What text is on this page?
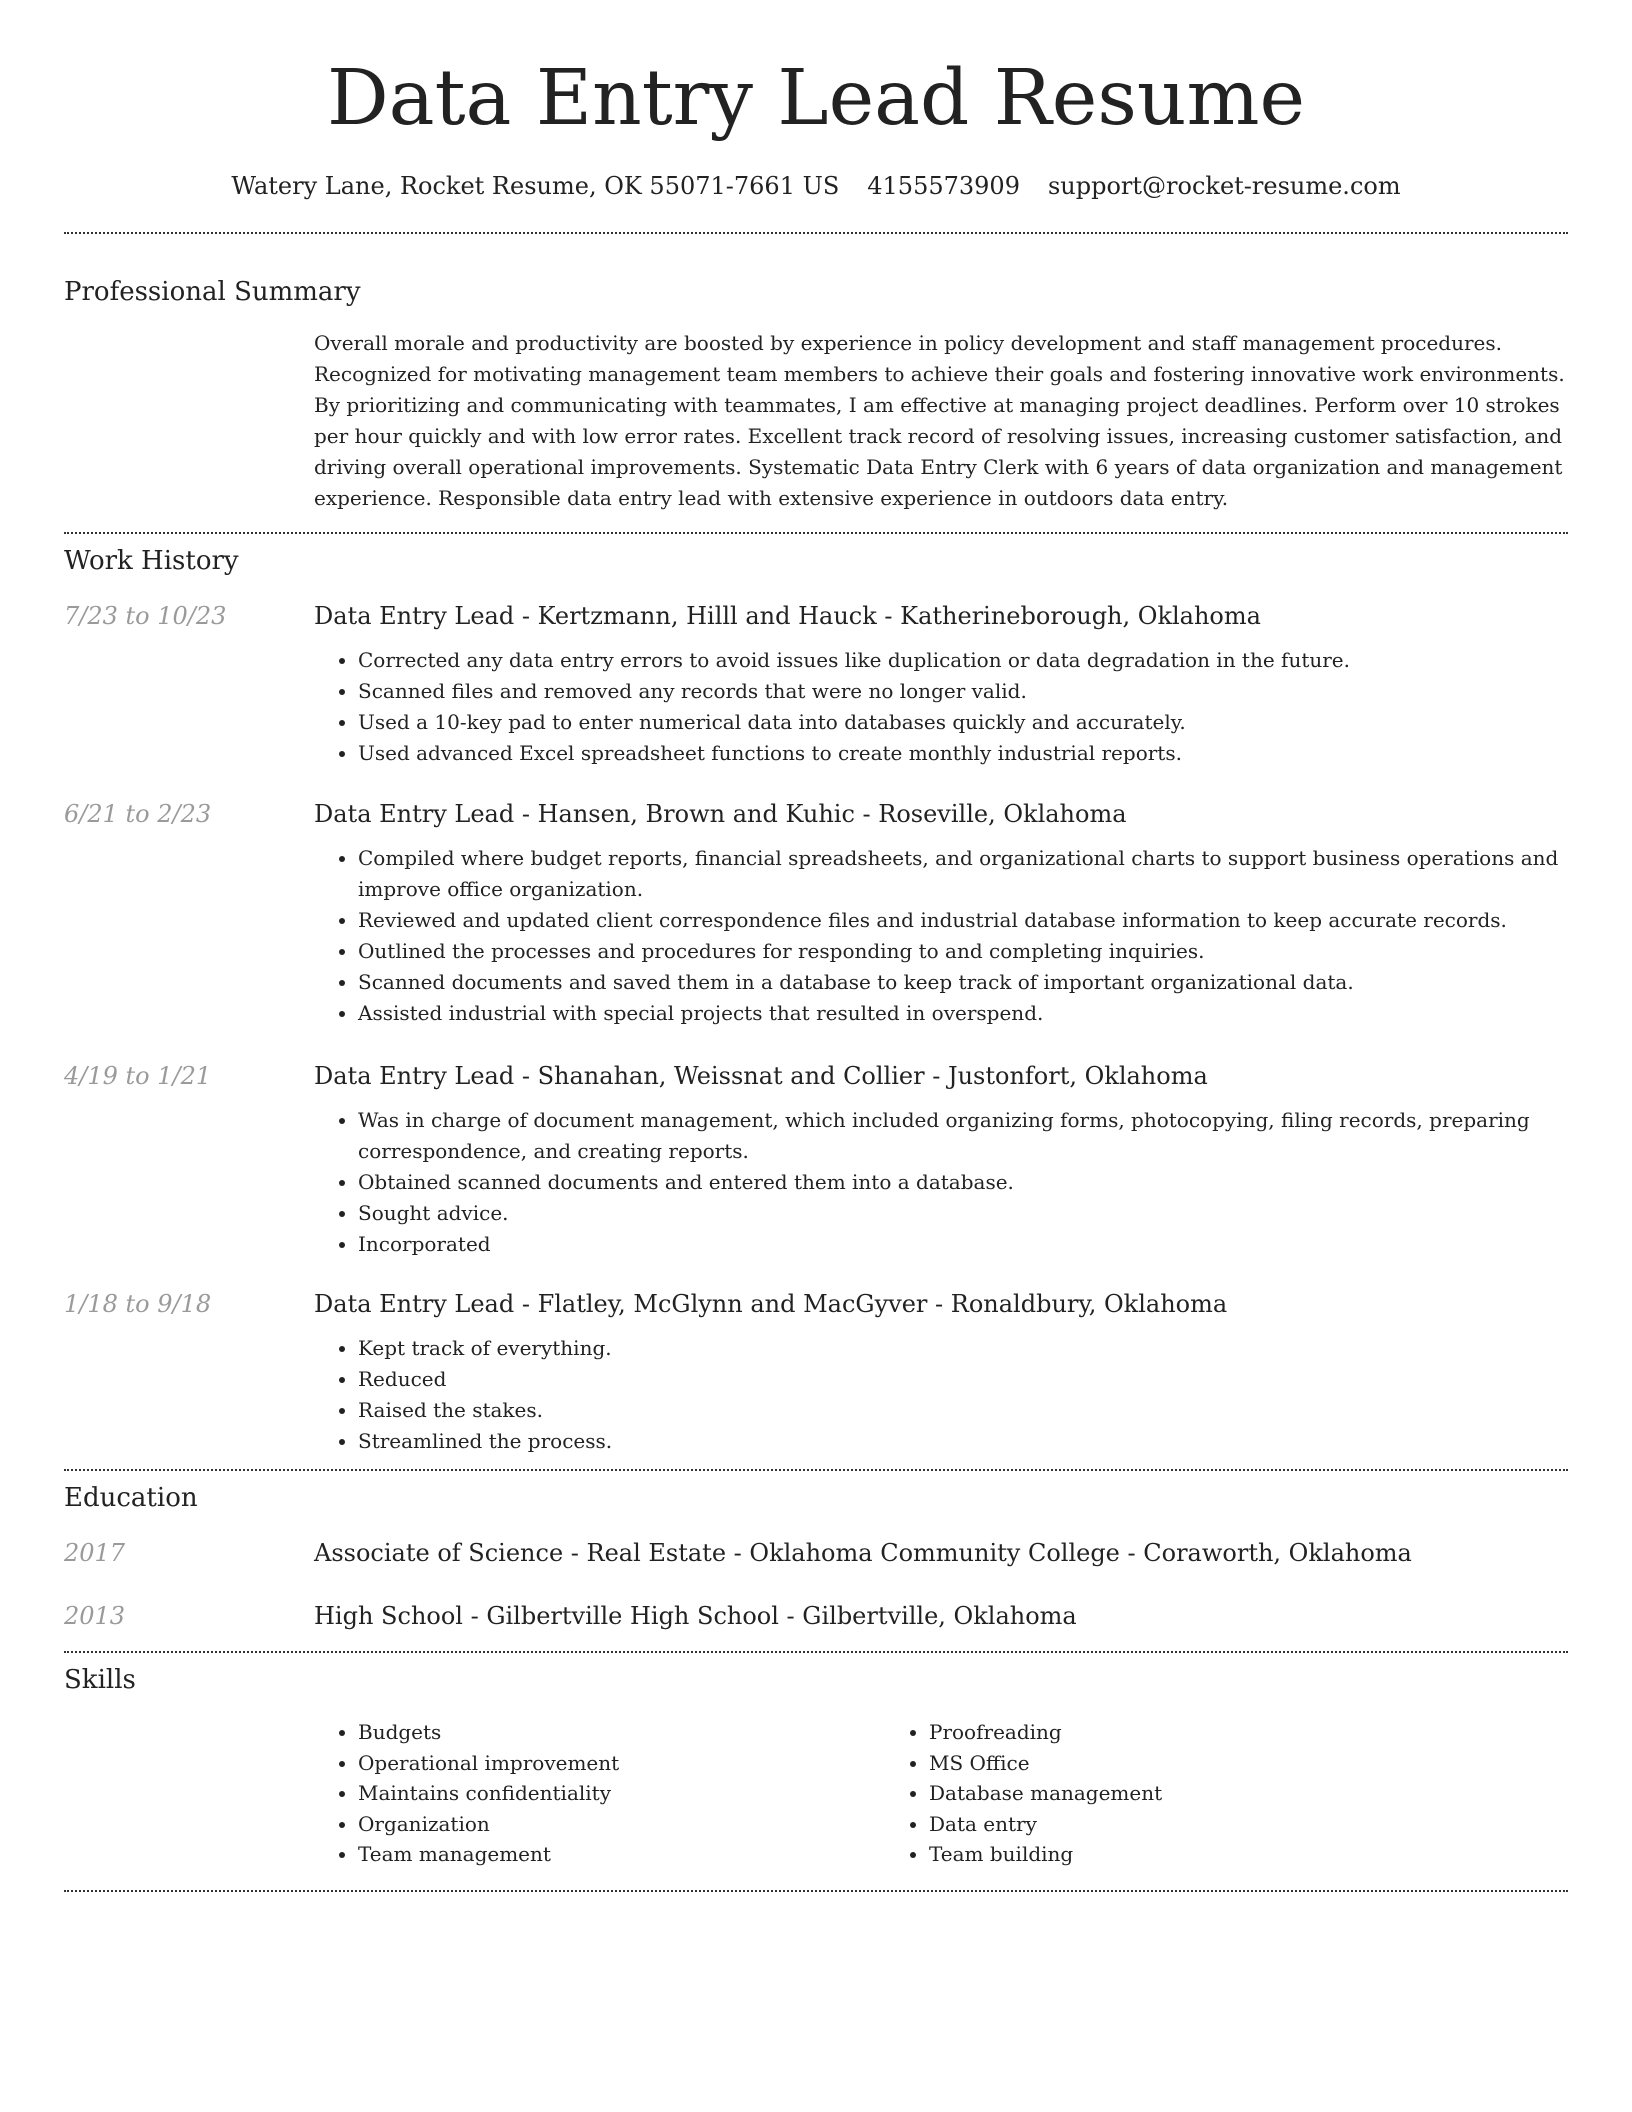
Data Entry Lead Resume
Watery Lane, Rocket Resume, OK 55071-7661 US 4155573909 support@rocket-resume.com
Professional Summary
Overall morale and productivity are boosted by experience in policy development and staff management procedures. Recognized for motivating management team members to achieve their goals and fostering innovative work environments. By prioritizing and communicating with teammates, I am effective at managing project deadlines. Perform over 10 strokes per hour quickly and with low error rates. Excellent track record of resolving issues, increasing customer satisfaction, and driving overall operational improvements. Systematic Data Entry Clerk with 6 years of data organization and management experience. Responsible data entry lead with extensive experience in outdoors data entry.
Work History
7/23 to 10/23	Data Entry Lead - Kertzmann, Hilll and Hauck - Katherineborough, Oklahoma
• Corrected any data entry errors to avoid issues like duplication or data degradation in the future.
• Scanned files and removed any records that were no longer valid.
• Used a 10-key pad to enter numerical data into databases quickly and accurately.
• Used advanced Excel spreadsheet functions to create monthly industrial reports.
6/21 to 2/23	Data Entry Lead - Hansen, Brown and Kuhic - Roseville, Oklahoma
• Compiled where budget reports, financial spreadsheets, and organizational charts to support business operations and improve office organization.
• Reviewed and updated client correspondence files and industrial database information to keep accurate records.
• Outlined the processes and procedures for responding to and completing inquiries.
• Scanned documents and saved them in a database to keep track of important organizational data.
• Assisted industrial with special projects that resulted in overspend.
4/19 to 1/21	Data Entry Lead - Shanahan, Weissnat and Collier - Justonfort, Oklahoma
• Was in charge of document management, which included organizing forms, photocopying, filing records, preparing correspondence, and creating reports.
• Obtained scanned documents and entered them into a database.
• Sought advice.
• Incorporated
1/18 to 9/18	Data Entry Lead - Flatley, McGlynn and MacGyver - Ronaldbury, Oklahoma
• Kept track of everything.
• Reduced
• Raised the stakes.
• Streamlined the process.
Education
2017	Associate of Science - Real Estate - Oklahoma Community College - Coraworth, Oklahoma
2013	High School - Gilbertville High School - Gilbertville, Oklahoma
Skills
• Budgets
• Operational improvement
• Maintains confidentiality
• Organization
• Team management
• Proofreading
• MS Office
• Database management
• Data entry
• Team building
